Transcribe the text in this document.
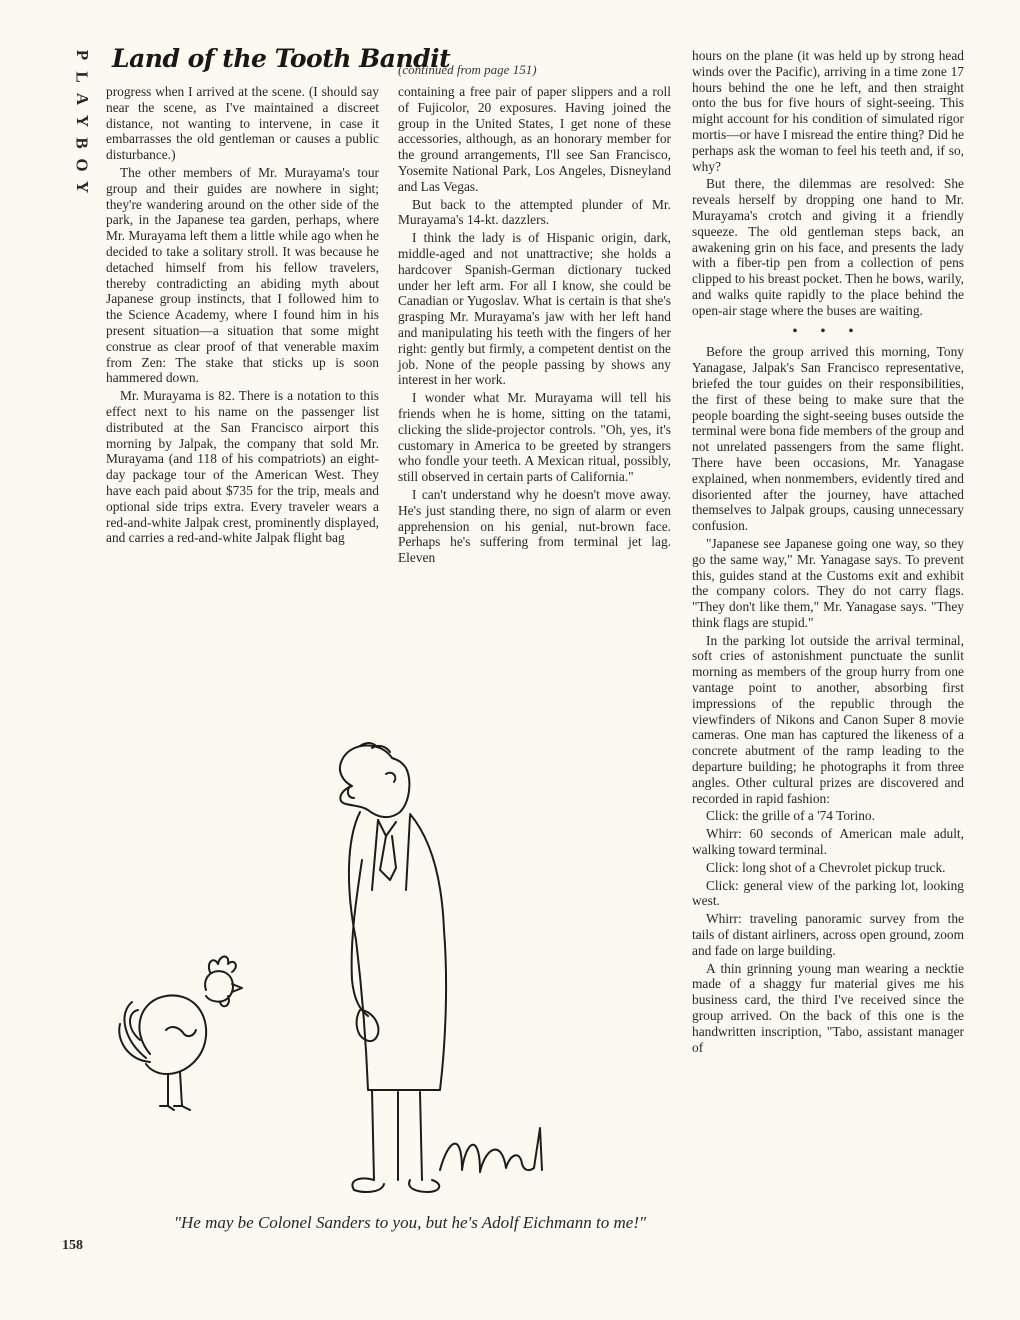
P
L
A
Y
B
O
Y
Land of the Tooth Bandit
(continued from page 151)

progress when I arrived at the scene. (I should say near the scene, as I've maintained a discreet distance, not wanting to intervene, in case it embarrasses the old gentleman or causes a public disturbance.)

The other members of Mr. Murayama's tour group and their guides are nowhere in sight; they're wandering around on the other side of the park, in the Japanese tea garden, perhaps, where Mr. Murayama left them a little while ago when he decided to take a solitary stroll. It was because he detached himself from his fellow travelers, thereby contradicting an abiding myth about Japanese group instincts, that I followed him to the Science Academy, where I found him in his present situation—a situation that some might construe as clear proof of that venerable maxim from Zen: The stake that sticks up is soon hammered down.

Mr. Murayama is 82. There is a notation to this effect next to his name on the passenger list distributed at the San Francisco airport this morning by Jalpak, the company that sold Mr. Murayama (and 118 of his compatriots) an eight-day package tour of the American West. They have each paid about $735 for the trip, meals and optional side trips extra. Every traveler wears a red-and-white Jalpak crest, prominently displayed, and carries a red-and-white Jalpak flight bag

containing a free pair of paper slippers and a roll of Fujicolor, 20 exposures. Having joined the group in the United States, I get none of these accessories, although, as an honorary member for the ground arrangements, I'll see San Francisco, Yosemite National Park, Los Angeles, Disneyland and Las Vegas.

But back to the attempted plunder of Mr. Murayama's 14-kt. dazzlers.

I think the lady is of Hispanic origin, dark, middle-aged and not unattractive; she holds a hardcover Spanish-German dictionary tucked under her left arm. For all I know, she could be Canadian or Yugoslav. What is certain is that she's grasping Mr. Murayama's jaw with her left hand and manipulating his teeth with the fingers of her right: gently but firmly, a competent dentist on the job. None of the people passing by shows any interest in her work.

I wonder what Mr. Murayama will tell his friends when he is home, sitting on the tatami, clicking the slide-projector controls. "Oh, yes, it's customary in America to be greeted by strangers who fondle your teeth. A Mexican ritual, possibly, still observed in certain parts of California."

I can't understand why he doesn't move away. He's just standing there, no sign of alarm or even apprehension on his genial, nut-brown face. Perhaps he's suffering from terminal jet lag. Eleven

hours on the plane (it was held up by strong head winds over the Pacific), arriving in a time zone 17 hours behind the one he left, and then straight onto the bus for five hours of sight-seeing. This might account for his condition of simulated rigor mortis—or have I misread the entire thing? Did he perhaps ask the woman to feel his teeth and, if so, why?

But there, the dilemmas are resolved: She reveals herself by dropping one hand to Mr. Murayama's crotch and giving it a friendly squeeze. The old gentleman steps back, an awakening grin on his face, and presents the lady with a fiber-tip pen from a collection of pens clipped to his breast pocket. Then he bows, warily, and walks quite rapidly to the place behind the open-air stage where the buses are waiting.

• • •

Before the group arrived this morning, Tony Yanagase, Jalpak's San Francisco representative, briefed the tour guides on their responsibilities, the first of these being to make sure that the people boarding the sight-seeing buses outside the terminal were bona fide members of the group and not unrelated passengers from the same flight. There have been occasions, Mr. Yanagase explained, when nonmembers, evidently tired and disoriented after the journey, have attached themselves to Jalpak groups, causing unnecessary confusion.

"Japanese see Japanese going one way, so they go the same way," Mr. Yanagase says. To prevent this, guides stand at the Customs exit and exhibit the company colors. They do not carry flags. "They don't like them," Mr. Yanagase says. "They think flags are stupid."

In the parking lot outside the arrival terminal, soft cries of astonishment punctuate the sunlit morning as members of the group hurry from one vantage point to another, absorbing first impressions of the republic through the viewfinders of Nikons and Canon Super 8 movie cameras. One man has captured the likeness of a concrete abutment of the ramp leading to the departure building; he photographs it from three angles. Other cultural prizes are discovered and recorded in rapid fashion:

Click: the grille of a '74 Torino.

Whirr: 60 seconds of American male adult, walking toward terminal.

Click: long shot of a Chevrolet pickup truck.

Click: general view of the parking lot, looking west.

Whirr: traveling panoramic survey from the tails of distant airliners, across open ground, zoom and fade on large building.

A thin grinning young man wearing a necktie made of a shaggy fur material gives me his business card, the third I've received since the group arrived. On the back of this one is the handwritten inscription, "Tabo, assistant manager of

"He may be Colonel Sanders to you, but he's Adolf Eichmann to me!"
158
